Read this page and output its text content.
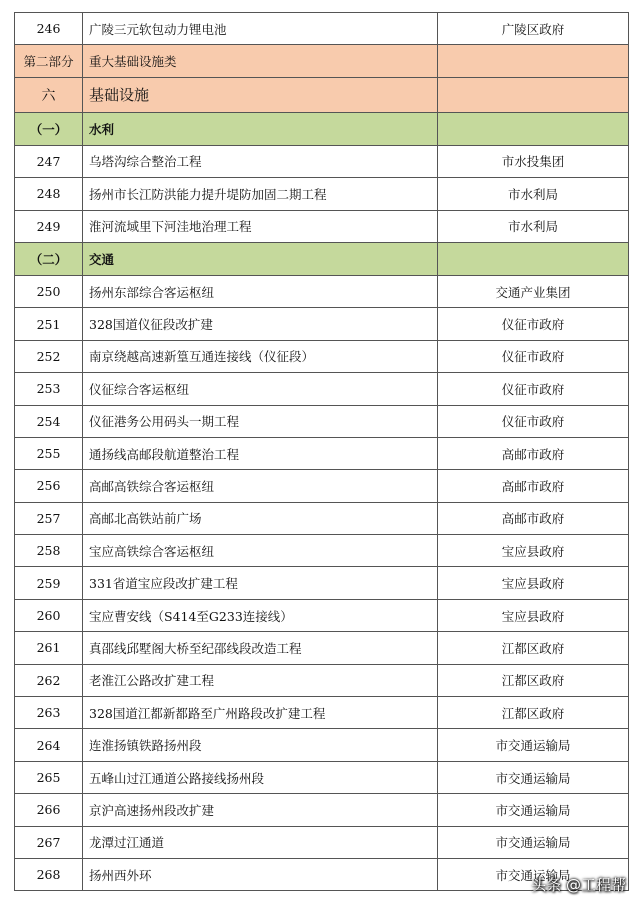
246	广陵三元软包动力锂电池	广陵区政府
第二部分	重大基础设施类	
六	基础设施	
（一）	水利	
247	乌塔沟综合整治工程	市水投集团
248	扬州市长江防洪能力提升堤防加固二期工程	市水利局
249	淮河流域里下河洼地治理工程	市水利局
（二）	交通	
250	扬州东部综合客运枢纽	交通产业集团
251	328国道仪征段改扩建	仪征市政府
252	南京绕越高速新篁互通连接线（仪征段）	仪征市政府
253	仪征综合客运枢纽	仪征市政府
254	仪征港务公用码头一期工程	仪征市政府
255	通扬线高邮段航道整治工程	高邮市政府
256	高邮高铁综合客运枢纽	高邮市政府
257	高邮北高铁站前广场	高邮市政府
258	宝应高铁综合客运枢纽	宝应县政府
259	331省道宝应段改扩建工程	宝应县政府
260	宝应曹安线（S414至G233连接线）	宝应县政府
261	真邵线邱墅阁大桥至纪邵线段改造工程	江都区政府
262	老淮江公路改扩建工程	江都区政府
263	328国道江都新都路至广州路段改扩建工程	江都区政府
264	连淮扬镇铁路扬州段	市交通运输局
265	五峰山过江通道公路接线扬州段	市交通运输局
266	京沪高速扬州段改扩建	市交通运输局
267	龙潭过江通道	市交通运输局
268	扬州西外环	市交通运输局
头条 @工程帮
